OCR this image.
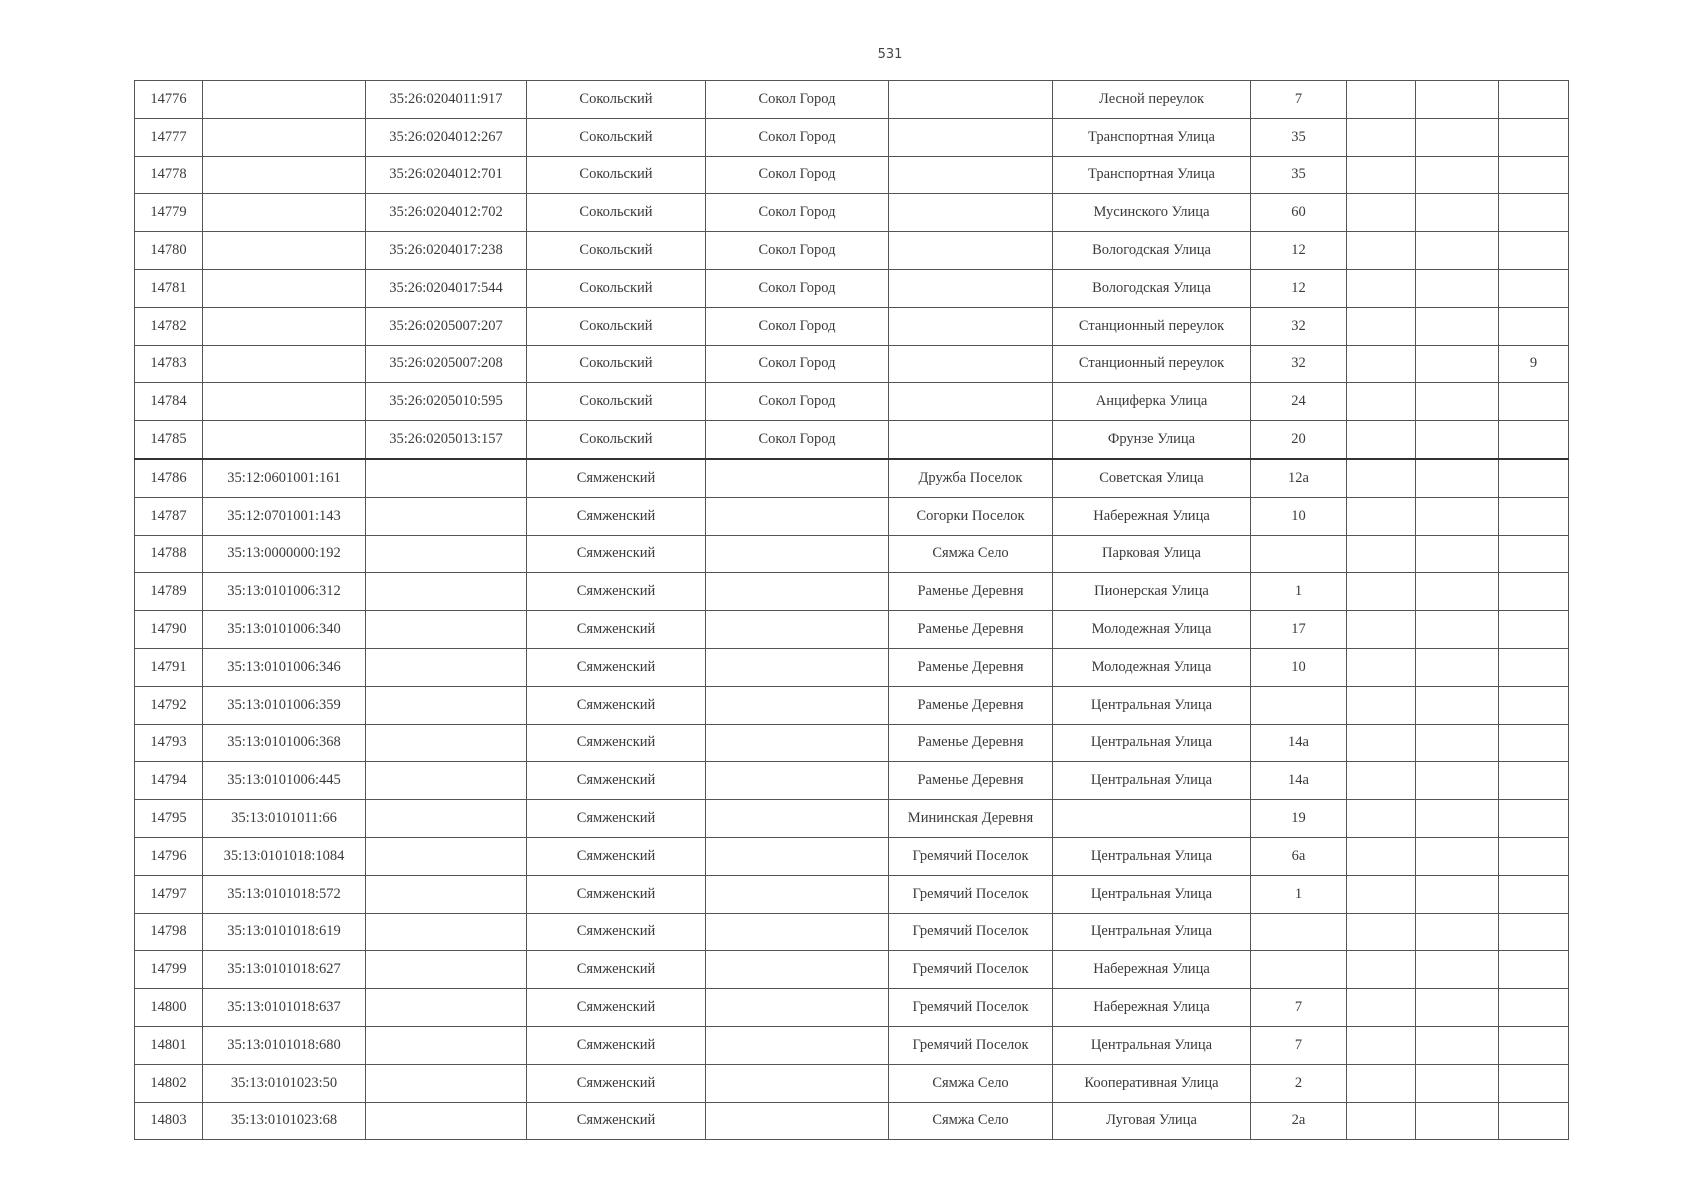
531
14776		35:26:0204011:917	Сокольский	Сокол Город		Лесной переулок	7			
14777		35:26:0204012:267	Сокольский	Сокол Город		Транспортная Улица	35			
14778		35:26:0204012:701	Сокольский	Сокол Город		Транспортная Улица	35			
14779		35:26:0204012:702	Сокольский	Сокол Город		Мусинского Улица	60			
14780		35:26:0204017:238	Сокольский	Сокол Город		Вологодская Улица	12			
14781		35:26:0204017:544	Сокольский	Сокол Город		Вологодская Улица	12			
14782		35:26:0205007:207	Сокольский	Сокол Город		Станционный переулок	32			
14783		35:26:0205007:208	Сокольский	Сокол Город		Станционный переулок	32			9
14784		35:26:0205010:595	Сокольский	Сокол Город		Анциферка Улица	24			
14785		35:26:0205013:157	Сокольский	Сокол Город		Фрунзе Улица	20			
14786	35:12:0601001:161		Сямженский		Дружба Поселок	Советская Улица	12а			
14787	35:12:0701001:143		Сямженский		Согорки Поселок	Набережная Улица	10			
14788	35:13:0000000:192		Сямженский		Сямжа Село	Парковая Улица				
14789	35:13:0101006:312		Сямженский		Раменье Деревня	Пионерская Улица	1			
14790	35:13:0101006:340		Сямженский		Раменье Деревня	Молодежная Улица	17			
14791	35:13:0101006:346		Сямженский		Раменье Деревня	Молодежная Улица	10			
14792	35:13:0101006:359		Сямженский		Раменье Деревня	Центральная Улица				
14793	35:13:0101006:368		Сямженский		Раменье Деревня	Центральная Улица	14а			
14794	35:13:0101006:445		Сямженский		Раменье Деревня	Центральная Улица	14а			
14795	35:13:0101011:66		Сямженский		Мининская Деревня		19			
14796	35:13:0101018:1084		Сямженский		Гремячий Поселок	Центральная Улица	6а			
14797	35:13:0101018:572		Сямженский		Гремячий Поселок	Центральная Улица	1			
14798	35:13:0101018:619		Сямженский		Гремячий Поселок	Центральная Улица				
14799	35:13:0101018:627		Сямженский		Гремячий Поселок	Набережная Улица				
14800	35:13:0101018:637		Сямженский		Гремячий Поселок	Набережная Улица	7			
14801	35:13:0101018:680		Сямженский		Гремячий Поселок	Центральная Улица	7			
14802	35:13:0101023:50		Сямженский		Сямжа Село	Кооперативная Улица	2			
14803	35:13:0101023:68		Сямженский		Сямжа Село	Луговая Улица	2а			
